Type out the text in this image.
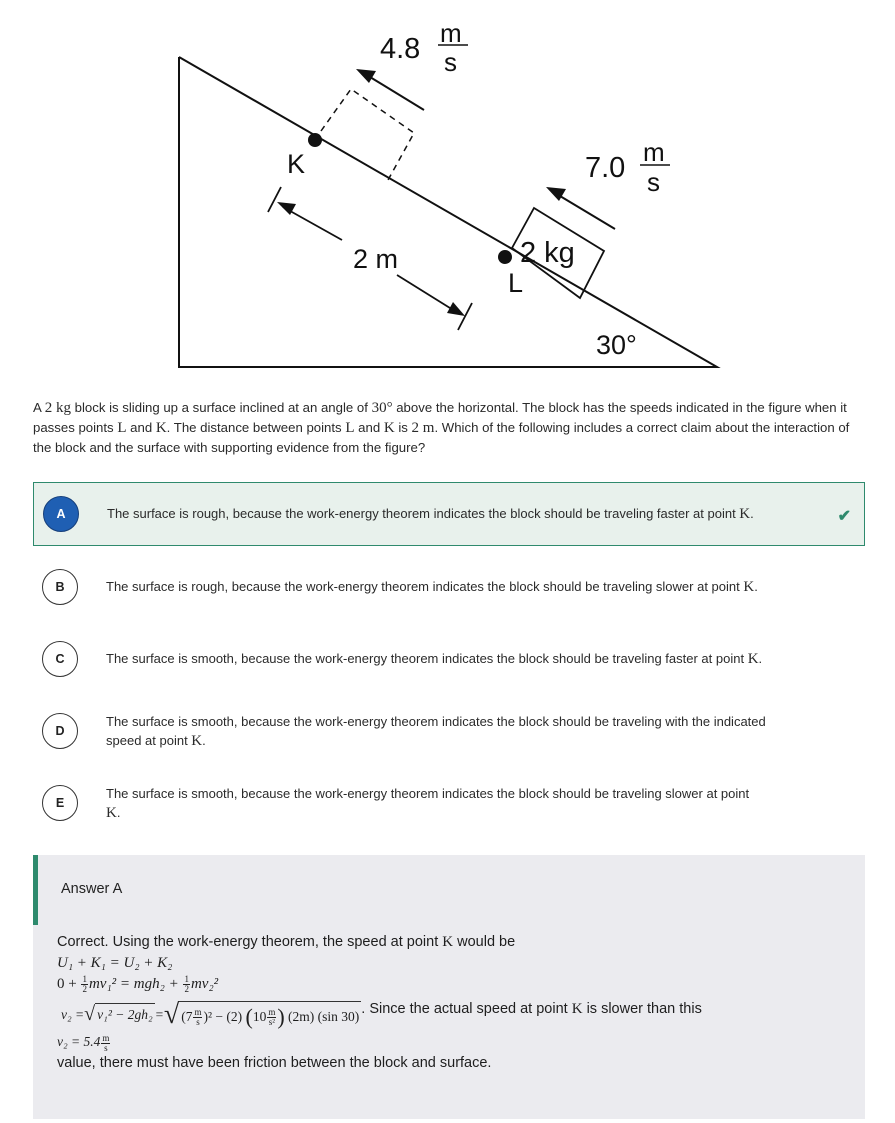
4.8 m
s
7.0 m
s
K
L
2 m	2 kg
30°
A 2 kg block is sliding up a surface inclined at an angle of 30° above the horizontal. The block has the speeds indicated in the figure when it passes points L and K. The distance between points L and K is 2 m. Which of the following includes a correct claim about the interaction of the block and the surface with supporting evidence from the figure?
A	The surface is rough, because the work-energy theorem indicates the block should be traveling faster at point K.	✔
B	The surface is rough, because the work-energy theorem indicates the block should be traveling slower at point K.
C	The surface is smooth, because the work-energy theorem indicates the block should be traveling faster at point K.
D
The surface is smooth, because the work-energy theorem indicates the block should be traveling with the indicated speed at point K.
E
The surface is smooth, because the work-energy theorem indicates the block should be traveling slower at point K.
Answer A
Correct. Using the work-energy theorem, the speed at point K would be
U₁ + K₁ = U₂ + K₂
$0 + \frac{1}{2} mv_1^2 = mgh_2 + \frac{1}{2} mv_2^2$
v₂ = √ v₁² − 2gh₂ = √ $(7 \frac{m}{s} )^2 - (2)$ ($10 \frac{m}{\text{s²}}$ ) (2m) (sin 30) . Since the actual speed at point K is slower than this
$v_2 = 5.4 \frac{m}{s}$
value, there must have been friction between the block and surface.
